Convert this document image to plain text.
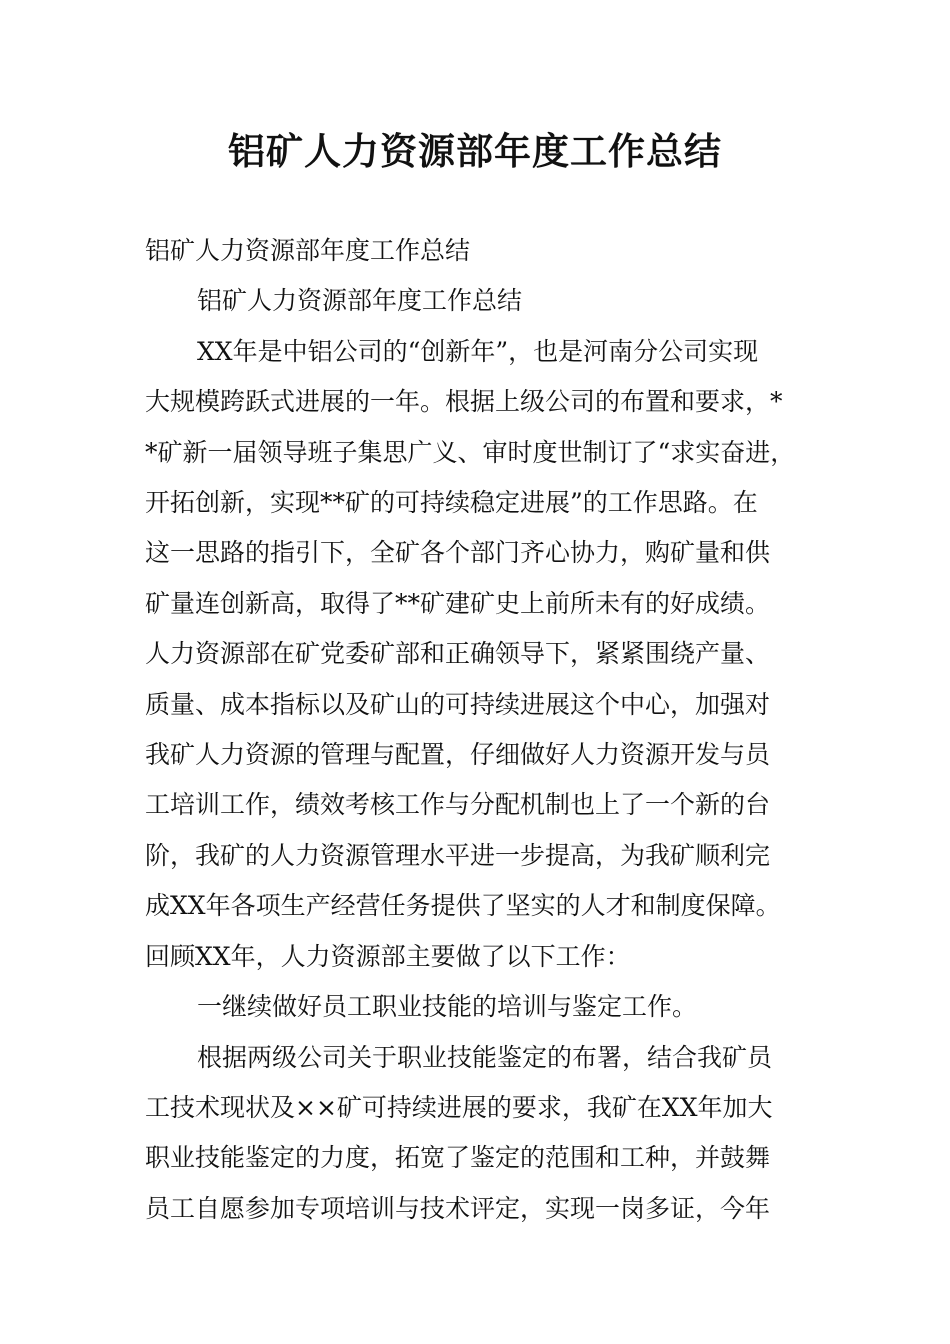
铝矿人力资源部年度工作总结

铝矿人力资源部年度工作总结

铝矿人力资源部年度工作总结

XX年是中铝公司的“创新年”，也是河南分公司实现

大规模跨跃式进展的一年。根据上级公司的布置和要求，*

*矿新一届领导班子集思广义、审时度世制订了“求实奋进，

开拓创新，实现**矿的可持续稳定进展”的工作思路。在

这一思路的指引下，全矿各个部门齐心协力，购矿量和供

矿量连创新高，取得了**矿建矿史上前所未有的好成绩。

人力资源部在矿党委矿部和正确领导下，紧紧围绕产量、

质量、成本指标以及矿山的可持续进展这个中心，加强对

我矿人力资源的管理与配置，仔细做好人力资源开发与员

工培训工作，绩效考核工作与分配机制也上了一个新的台

阶，我矿的人力资源管理水平进一步提高，为我矿顺利完

成XX年各项生产经营任务提供了坚实的人才和制度保障。

回顾XX年，人力资源部主要做了以下工作：

一继续做好员工职业技能的培训与鉴定工作。

根据两级公司关于职业技能鉴定的布署，结合我矿员

工技术现状及××矿可持续进展的要求，我矿在XX年加大

职业技能鉴定的力度，拓宽了鉴定的范围和工种，并鼓舞

员工自愿参加专项培训与技术评定，实现一岗多证，今年
